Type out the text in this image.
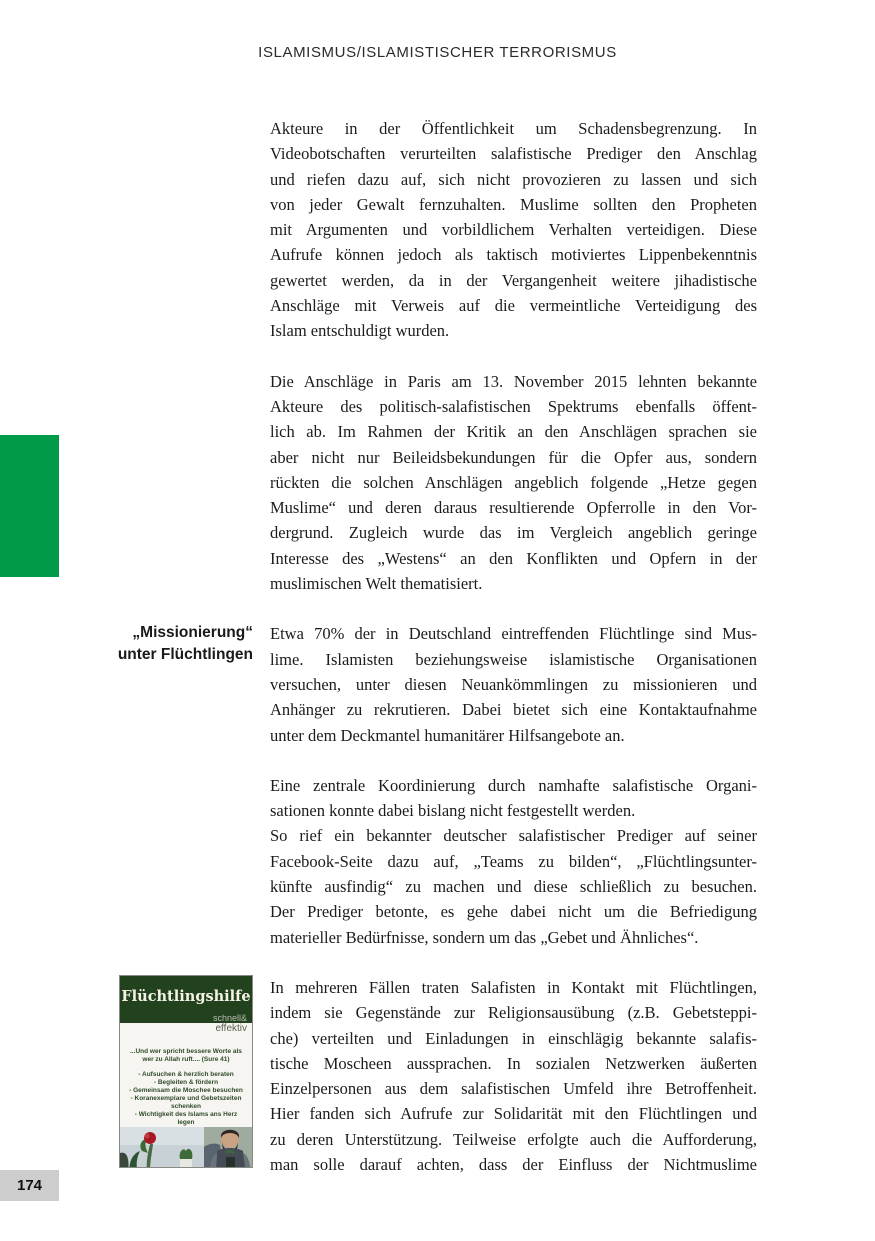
ISLAMISMUS/ISLAMISTISCHER TERRORISMUS
„Missionierung“
unter Flüchtlingen
Akteure in der Öffentlichkeit um Schadensbegrenzung. In
Videobotschaften verurteilten salafistische Prediger den Anschlag
und riefen dazu auf, sich nicht provozieren zu lassen und sich
von jeder Gewalt fernzuhalten. Muslime sollten den Propheten
mit Argumenten und vorbildlichem Verhalten verteidigen. Diese
Aufrufe können jedoch als taktisch motiviertes Lippenbekenntnis
gewertet werden, da in der Vergangenheit weitere jihadistische
Anschläge mit Verweis auf die vermeintliche Verteidigung des
Islam entschuldigt wurden.
Die Anschläge in Paris am 13. November 2015 lehnten bekannte
Akteure des politisch-salafistischen Spektrums ebenfalls öffent-
lich ab. Im Rahmen der Kritik an den Anschlägen sprachen sie
aber nicht nur Beileidsbekundungen für die Opfer aus, sondern
rückten die solchen Anschlägen angeblich folgende „Hetze gegen
Muslime“ und deren daraus resultierende Opferrolle in den Vor-
dergrund. Zugleich wurde das im Vergleich angeblich geringe
Interesse des „Westens“ an den Konflikten und Opfern in der
muslimischen Welt thematisiert.
Etwa 70% der in Deutschland eintreffenden Flüchtlinge sind Mus-
lime. Islamisten beziehungsweise islamistische Organisationen
versuchen, unter diesen Neuankömmlingen zu missionieren und
Anhänger zu rekrutieren. Dabei bietet sich eine Kontaktaufnahme
unter dem Deckmantel humanitärer Hilfsangebote an.
Eine zentrale Koordinierung durch namhafte salafistische Organi-
sationen konnte dabei bislang nicht festgestellt werden.
So rief ein bekannter deutscher salafistischer Prediger auf seiner
Facebook-Seite dazu auf, „Teams zu bilden“, „Flüchtlingsunter-
künfte ausfindig“ zu machen und diese schließlich zu besuchen.
Der Prediger betonte, es gehe dabei nicht um die Befriedigung
materieller Bedürfnisse, sondern um das „Gebet und Ähnliches“.
In mehreren Fällen traten Salafisten in Kontakt mit Flüchtlingen,
indem sie Gegenstände zur Religionsausübung (z.B. Gebetsteppi-
che) verteilten und Einladungen in einschlägig bekannte salafis-
tische Moscheen aussprachen. In sozialen Netzwerken äußerten
Einzelpersonen aus dem salafistischen Umfeld ihre Betroffenheit.
Hier fanden sich Aufrufe zur Solidarität mit den Flüchtlingen und
zu deren Unterstützung. Teilweise erfolgte auch die Aufforderung,
man solle darauf achten, dass der Einfluss der Nichtmuslime
Flüchtlingshilfe
schnell&
effektiv
...Und wer spricht bessere Worte als
wer zu Allah ruft.... (Sure 41)
- Aufsuchen & herzlich beraten
- Begleiten & fördern
- Gemeinsam die Moschee besuchen
- Koranexemplare und Gebetszeiten schenken
- Wichtigkeit des Islams ans Herz legen
174
